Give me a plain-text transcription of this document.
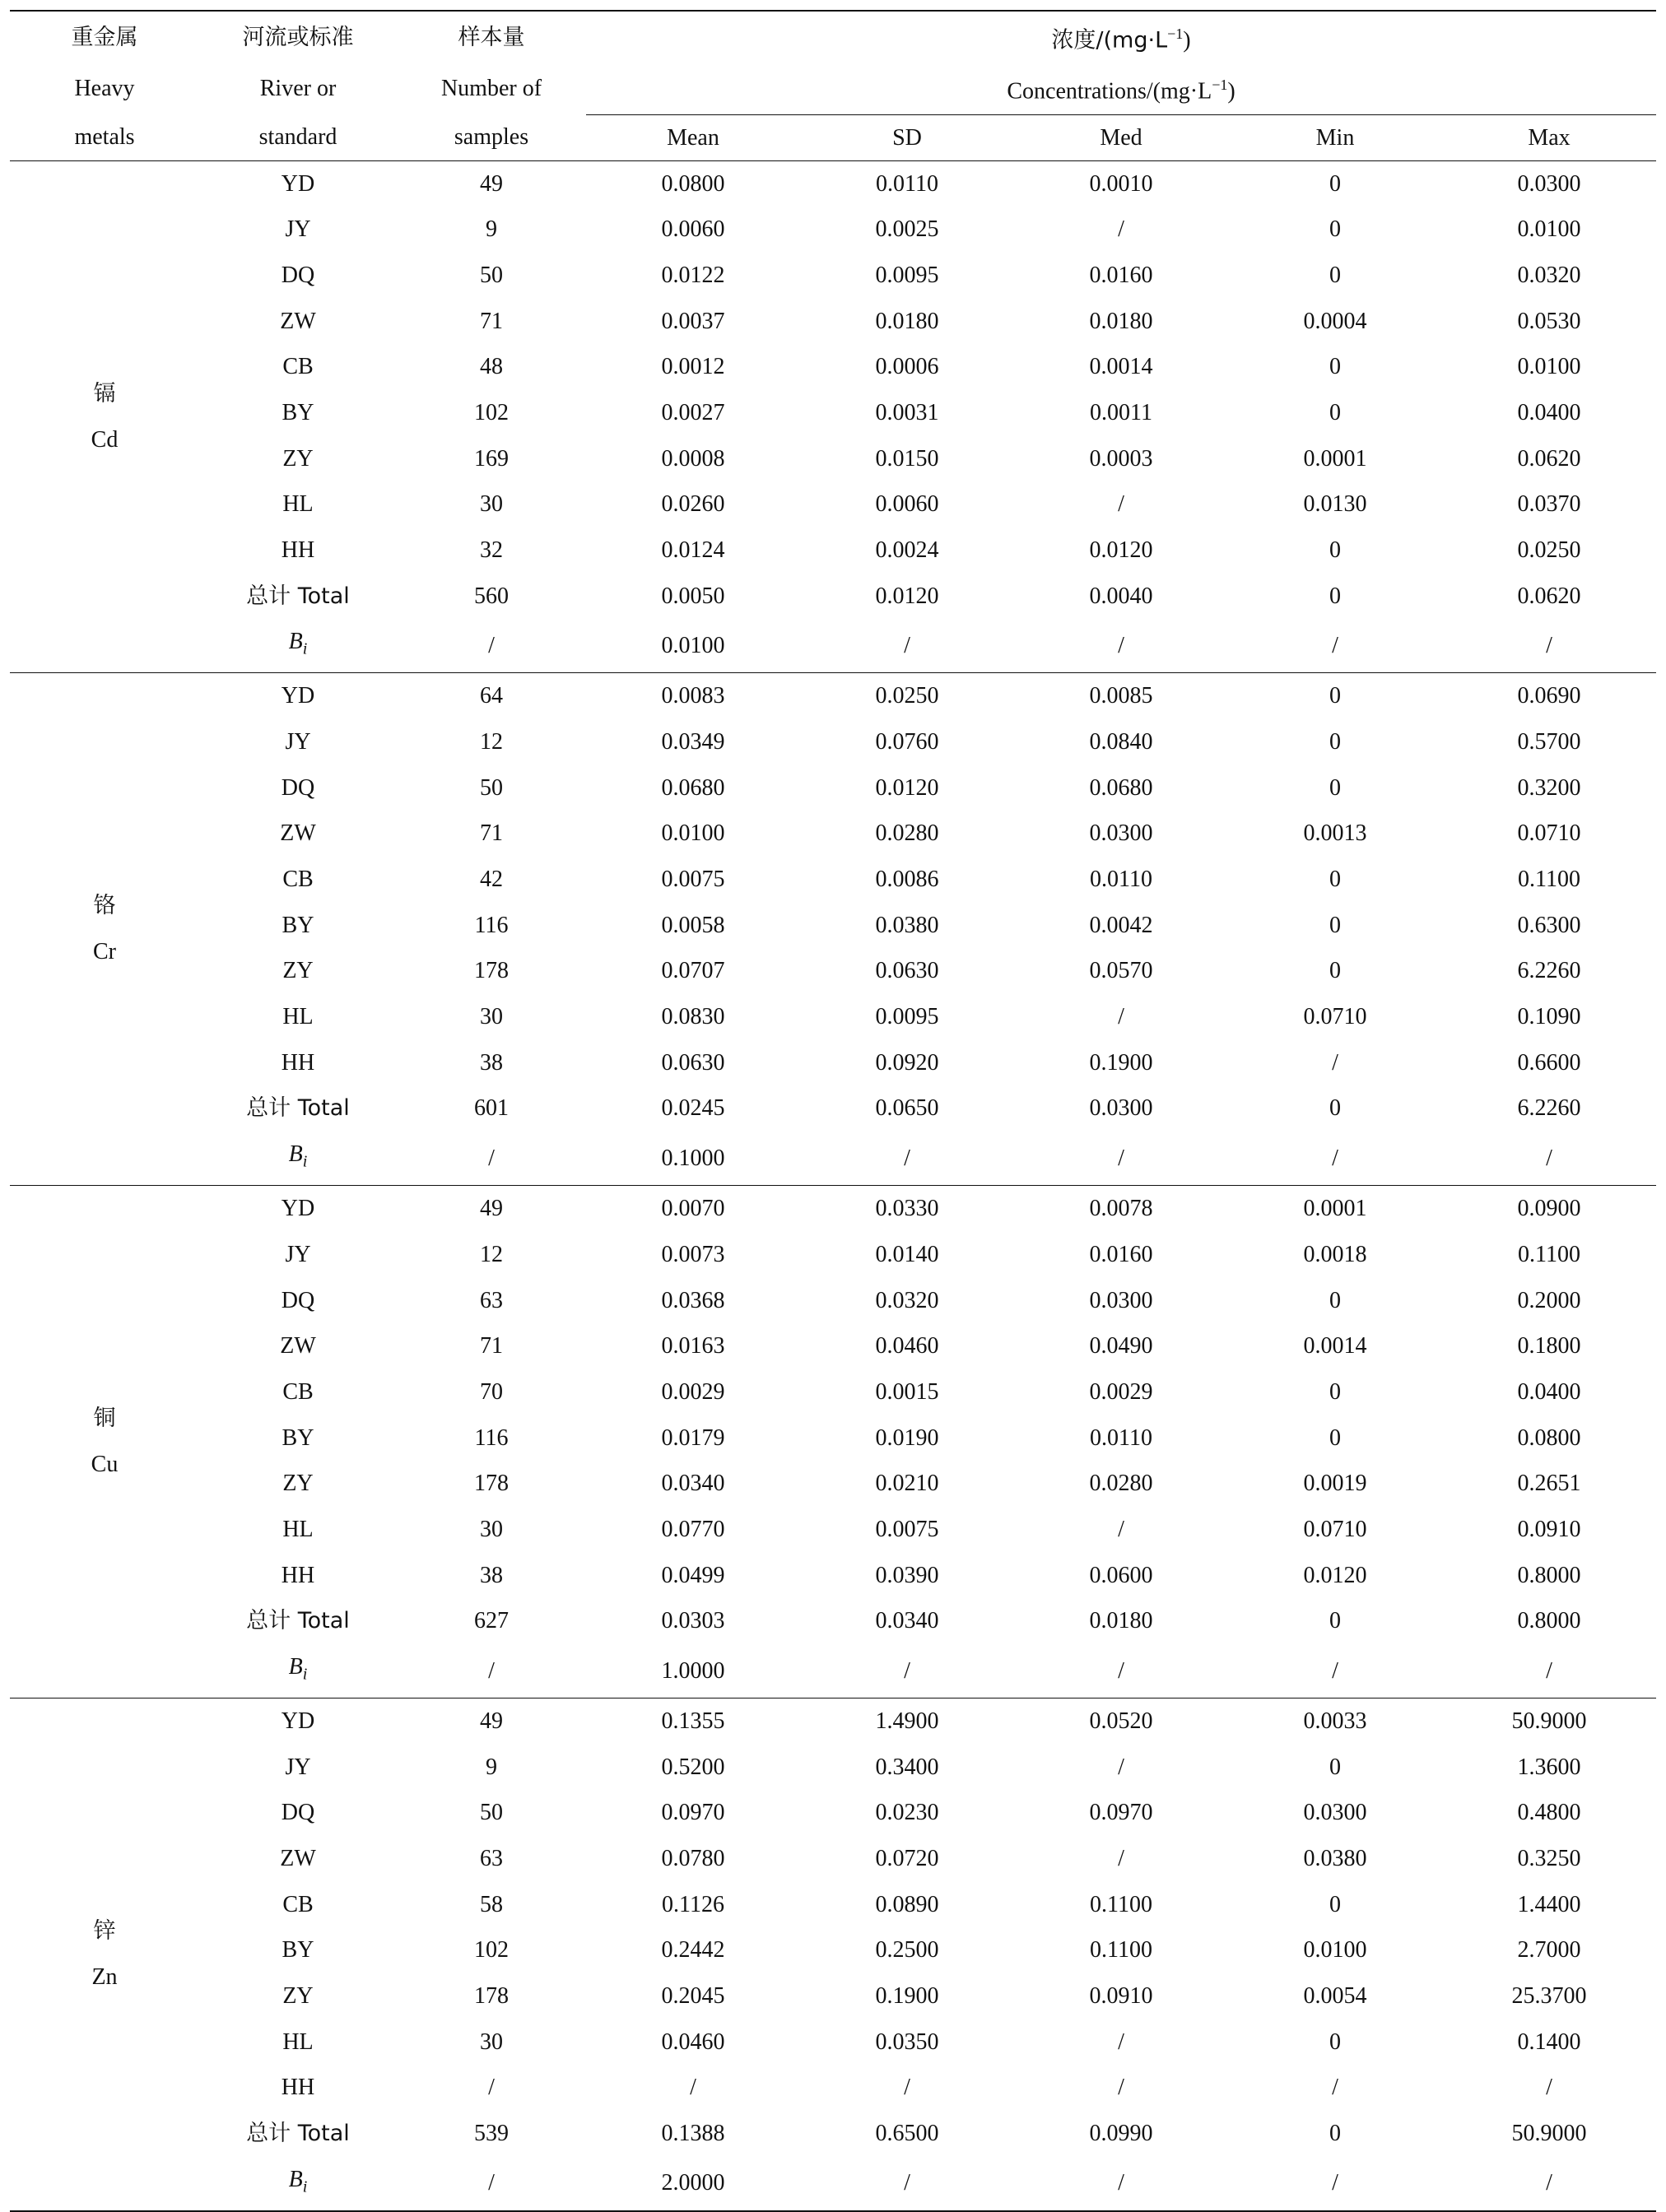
重金属	河流或标准	样本量	浓度$/(mg\cdot L^{-1})$				
Heavy	River or	Number of	Concentrations/$(mg\cdot L^{-1})$				
metals	standard	samples	Mean	SD	Med	Min	Max

镉
Cd	YD	49	0.0800	0.0110	0.0010	0	0.0300
	JY	9	0.0060	0.0025	/	0	0.0100
	DQ	50	0.0122	0.0095	0.0160	0	0.0320
	ZW	71	0.0037	0.0180	0.0180	0.0004	0.0530
	CB	48	0.0012	0.0006	0.0014	0	0.0100
	BY	102	0.0027	0.0031	0.0011	0	0.0400
	ZY	169	0.0008	0.0150	0.0003	0.0001	0.0620
	HL	30	0.0260	0.0060	/	0.0130	0.0370
	HH	32	0.0124	0.0024	0.0120	0	0.0250
	总计 Total	560	0.0050	0.0120	0.0040	0	0.0620
	$B_i$	/	0.0100	/	/	/	/

铬
Cr	YD	64	0.0083	0.0250	0.0085	0	0.0690
	JY	12	0.0349	0.0760	0.0840	0	0.5700
	DQ	50	0.0680	0.0120	0.0680	0	0.3200
	ZW	71	0.0100	0.0280	0.0300	0.0013	0.0710
	CB	42	0.0075	0.0086	0.0110	0	0.1100
	BY	116	0.0058	0.0380	0.0042	0	0.6300
	ZY	178	0.0707	0.0630	0.0570	0	6.2260
	HL	30	0.0830	0.0095	/	0.0710	0.1090
	HH	38	0.0630	0.0920	0.1900	/	0.6600
	总计 Total	601	0.0245	0.0650	0.0300	0	6.2260
	$B_i$	/	0.1000	/	/	/	/

铜
Cu	YD	49	0.0070	0.0330	0.0078	0.0001	0.0900
	JY	12	0.0073	0.0140	0.0160	0.0018	0.1100
	DQ	63	0.0368	0.0320	0.0300	0	0.2000
	ZW	71	0.0163	0.0460	0.0490	0.0014	0.1800
	CB	70	0.0029	0.0015	0.0029	0	0.0400
	BY	116	0.0179	0.0190	0.0110	0	0.0800
	ZY	178	0.0340	0.0210	0.0280	0.0019	0.2651
	HL	30	0.0770	0.0075	/	0.0710	0.0910
	HH	38	0.0499	0.0390	0.0600	0.0120	0.8000
	总计 Total	627	0.0303	0.0340	0.0180	0	0.8000
	$B_i$	/	1.0000	/	/	/	/

锌
Zn	YD	49	0.1355	1.4900	0.0520	0.0033	50.9000
	JY	9	0.5200	0.3400	/	0	1.3600
	DQ	50	0.0970	0.0230	0.0970	0.0300	0.4800
	ZW	63	0.0780	0.0720	/	0.0380	0.3250
	CB	58	0.1126	0.0890	0.1100	0	1.4400
	BY	102	0.2442	0.2500	0.1100	0.0100	2.7000
	ZY	178	0.2045	0.1900	0.0910	0.0054	25.3700
	HL	30	0.0460	0.0350	/	0	0.1400
	HH	/	/	/	/	/	/
	总计 Total	539	0.1388	0.6500	0.0990	0	50.9000
	$B_i$	/	2.0000	/	/	/	/
